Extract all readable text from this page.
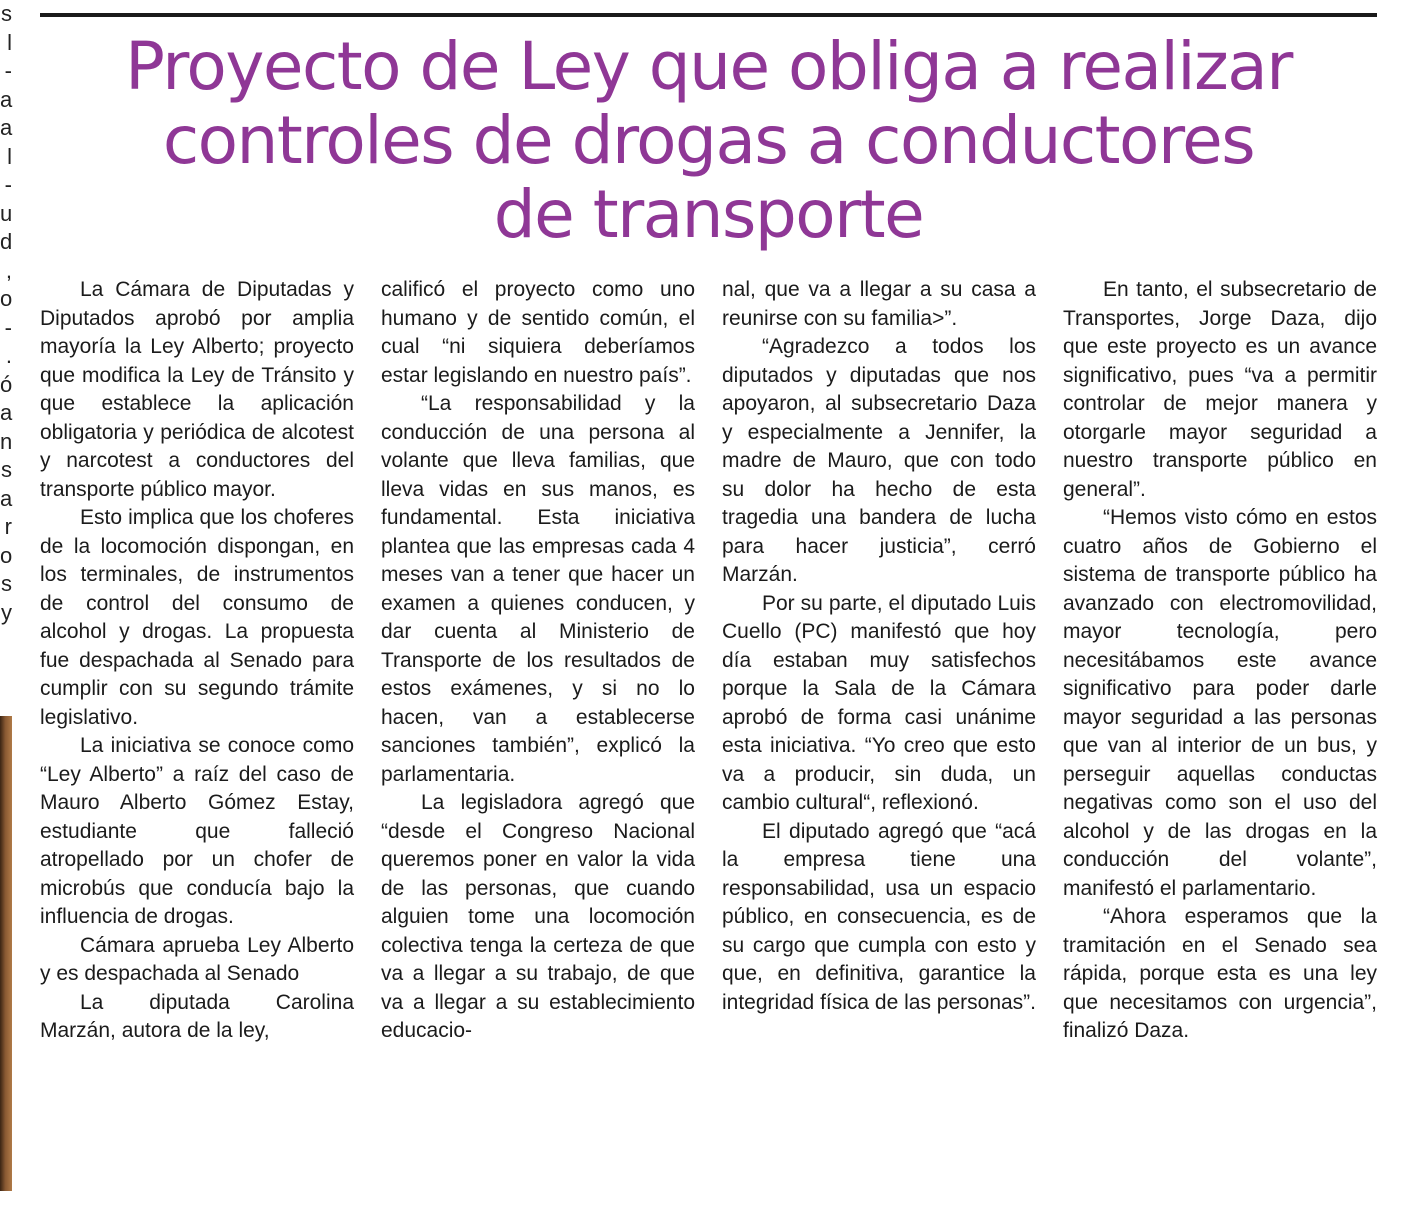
s
l
-
a
a
l
-
u
d
,
o
-
.
ó
a
n
s
a
r
o
s
y
Proyecto de Ley que obliga a realizar
controles de drogas a conductores
de transporte

La Cámara de Diputadas y Diputados aprobó por amplia mayoría la Ley Alberto; proyecto que modifica la Ley de Tránsito y que establece la aplicación obligatoria y periódica de alcotest y narcotest a conductores del transporte público mayor.

Esto implica que los choferes de la locomoción dispongan, en los terminales, de instrumentos de control del consumo de alcohol y drogas. La propuesta fue despachada al Senado para cumplir con su segundo trámite legislativo.

La iniciativa se conoce como “Ley Alberto” a raíz del caso de Mauro Alberto Gómez Estay, estudiante que falleció atropellado por un chofer de microbús que conducía bajo la influencia de drogas.

Cámara aprueba Ley Alberto y es despachada al Senado

La diputada Carolina Marzán, autora de la ley,

calificó el proyecto como uno humano y de sentido común, el cual “ni siquiera deberíamos estar legislando en nuestro país”.

“La responsabilidad y la conducción de una persona al volante que lleva familias, que lleva vidas en sus manos, es fundamental. Esta iniciativa plantea que las empresas cada 4 meses van a tener que hacer un examen a quienes conducen, y dar cuenta al Ministerio de Transporte de los resultados de estos exámenes, y si no lo hacen, van a establecerse sanciones también”, explicó la parlamentaria.

La legisladora agregó que “desde el Congreso Nacional queremos poner en valor la vida de las personas, que cuando alguien tome una locomoción colectiva tenga la certeza de que va a llegar a su trabajo, de que va a llegar a su establecimiento educacio-

nal, que va a llegar a su casa a reunirse con su familia>”.

“Agradezco a todos los diputados y diputadas que nos apoyaron, al subsecretario Daza y especialmente a Jennifer, la madre de Mauro, que con todo su dolor ha hecho de esta tragedia una bandera de lucha para hacer justicia”, cerró Marzán.

Por su parte, el diputado Luis Cuello (PC) manifestó que hoy día estaban muy satisfechos porque la Sala de la Cámara aprobó de forma casi unánime esta iniciativa. “Yo creo que esto va a producir, sin duda, un cambio cultural“, reflexionó.

El diputado agregó que “acá la empresa tiene una responsabilidad, usa un espacio público, en consecuencia, es de su cargo que cumpla con esto y que, en definitiva, garantice la integridad física de las personas”.

En tanto, el subsecretario de Transportes, Jorge Daza, dijo que este proyecto es un avance significativo, pues “va a permitir controlar de mejor manera y otorgarle mayor seguridad a nuestro transporte público en general”.

“Hemos visto cómo en estos cuatro años de Gobierno el sistema de transporte público ha avanzado con electromovilidad, mayor tecnología, pero necesitábamos este avance significativo para poder darle mayor seguridad a las personas que van al interior de un bus, y perseguir aquellas conductas negativas como son el uso del alcohol y de las drogas en la conducción del volante”, manifestó el parlamentario.

“Ahora esperamos que la tramitación en el Senado sea rápida, porque esta es una ley que necesitamos con urgencia”, finalizó Daza.
